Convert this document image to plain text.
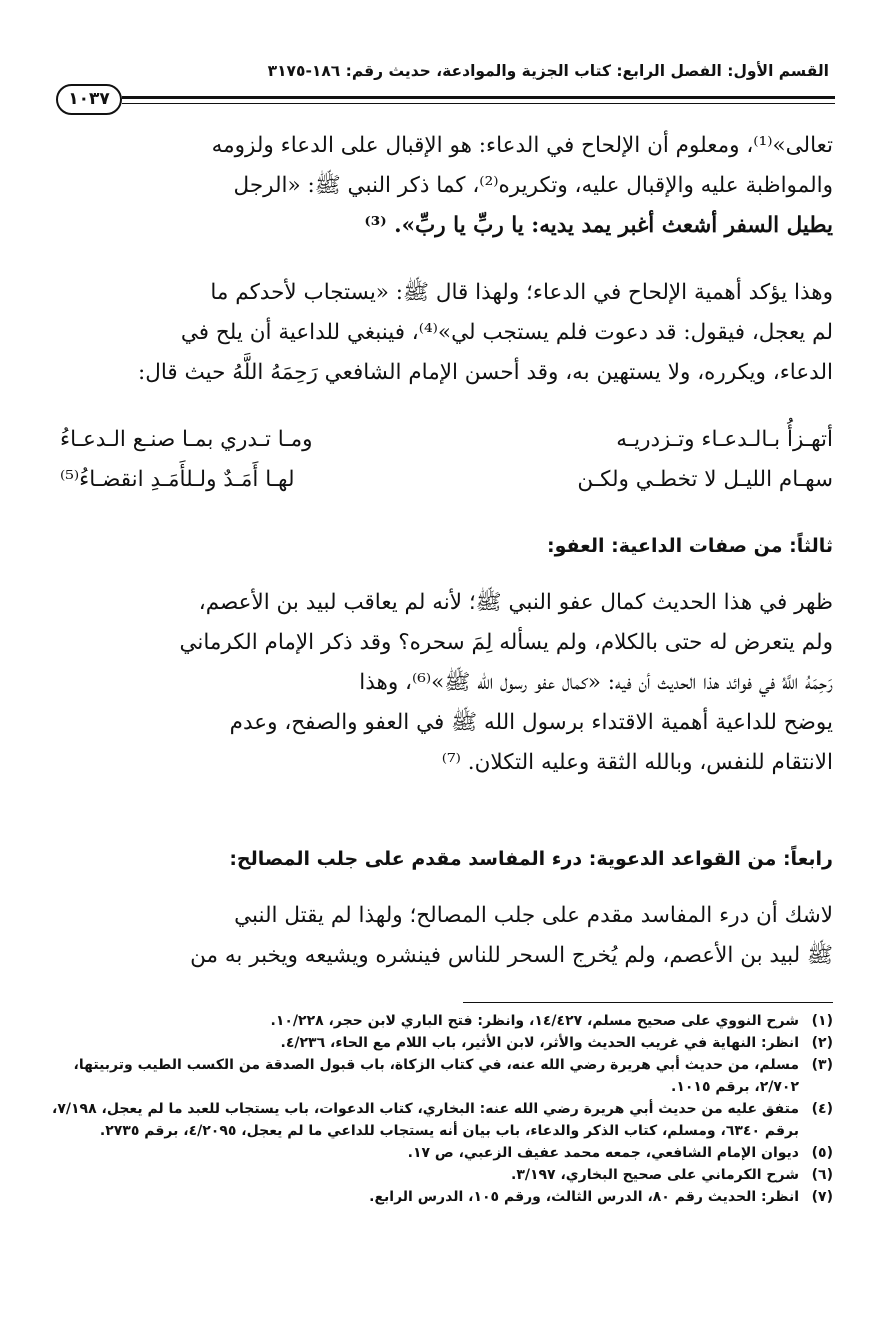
القسم الأول: الفصل الرابع: كتاب الجزية والموادعة، حديث رقم: ١٨٦-٣١٧٥
١٠٣٧
تعالى»⁽¹⁾، ومعلوم أن الإلحاح في الدعاء: هو الإقبال على الدعاء ولزومه
والمواظبة عليه والإقبال عليه، وتكريره⁽²⁾، كما ذكر النبي ﷺ: «الرجل
يطيل السفر أشعث أغبر يمد يديه: يا ربِّ يا ربِّ». ⁽³⁾
وهذا يؤكد أهمية الإلحاح في الدعاء؛ ولهذا قال ﷺ: «يستجاب لأحدكم ما
لم يعجل، فيقول: قد دعوت فلم يستجب لي»⁽⁴⁾، فينبغي للداعية أن يلح في
الدعاء، ويكرره، ولا يستهين به، وقد أحسن الإمام الشافعي رَحِمَهُ اللَّهُ حيث قال:
أتهـزأُ بـالـدعـاء وتـزدريـه
ومـا تـدري بمـا صنـع الـدعـاءُ
سهـام الليـل لا تخطـي ولكـن
لهـا أَمَـدٌ ولـلأَمَـدِ انقضـاءُ⁽⁵⁾
ثالثاً: من صفات الداعية: العفو:
ظهر في هذا الحديث كمال عفو النبي ﷺ؛ لأنه لم يعاقب لبيد بن الأعصم،
ولم يتعرض له حتى بالكلام، ولم يسأله لِمَ سحره؟ وقد ذكر الإمام الكرماني
رَحِمَهُ اللَّهُ في فوائد هذا الحديث أن فيه: «كمال عفو رسول الله ﷺ»⁽⁶⁾، وهذا
يوضح للداعية أهمية الاقتداء برسول الله ﷺ في العفو والصفح، وعدم
الانتقام للنفس، وبالله الثقة وعليه التكلان. ⁽⁷⁾
رابعاً: من القواعد الدعوية: درء المفاسد مقدم على جلب المصالح:
لاشك أن درء المفاسد مقدم على جلب المصالح؛ ولهذا لم يقتل النبي
ﷺ لبيد بن الأعصم، ولم يُخرج السحر للناس فينشره ويشيعه ويخبر به من
(١)
شرح النووي على صحيح مسلم، ١٤/٤٢٧، وانظر: فتح الباري لابن حجر، ١٠/٢٢٨.
(٢)
انظر: النهاية في غريب الحديث والأثر، لابن الأثير، باب اللام مع الحاء، ٤/٢٣٦.
(٣)
مسلم، من حديث أبي هريرة رضي الله عنه، في كتاب الزكاة، باب قبول الصدقة من الكسب الطيب وتربيتها،
٢/٧٠٢، برقم ١٠١٥.
(٤)
متفق عليه من حديث أبي هريرة رضي الله عنه: البخاري، كتاب الدعوات، باب يستجاب للعبد ما لم يعجل، ٧/١٩٨،
برقم ٦٣٤٠، ومسلم، كتاب الذكر والدعاء، باب بيان أنه يستجاب للداعي ما لم يعجل، ٤/٢٠٩٥، برقم ٢٧٣٥.
(٥)
ديوان الإمام الشافعي، جمعه محمد عفيف الزعبي، ص ١٧.
(٦)
شرح الكرماني على صحيح البخاري، ٣/١٩٧.
(٧)
انظر: الحديث رقم ٨٠، الدرس الثالث، ورقم ١٠٥، الدرس الرابع.
